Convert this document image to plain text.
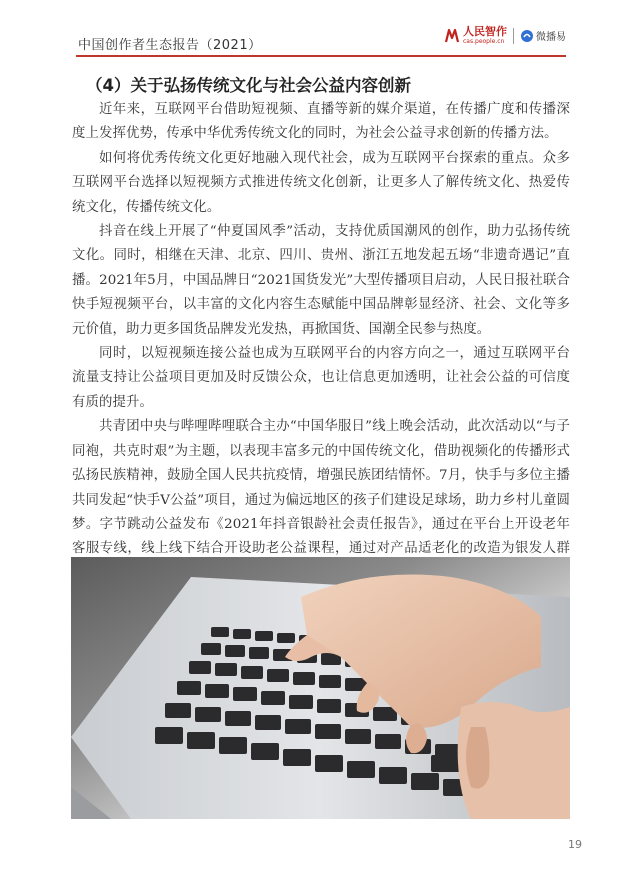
中国创作者生态报告（2021）
人民智作
cas.people.cn	微播易
（4）关于弘扬传统文化与社会公益内容创新

近年来，互联网平台借助短视频、直播等新的媒介渠道，在传播广度和传播深度上发挥优势，传承中华优秀传统文化的同时，为社会公益寻求创新的传播方法。

如何将优秀传统文化更好地融入现代社会，成为互联网平台探索的重点。众多互联网平台选择以短视频方式推进传统文化创新，让更多人了解传统文化、热爱传统文化，传播传统文化。

抖音在线上开展了“仲夏国风季”活动，支持优质国潮风的创作，助力弘扬传统文化。同时，相继在天津、北京、四川、贵州、浙江五地发起五场“非遗奇遇记”直播。2021年5月，中国品牌日“2021国货发光”大型传播项目启动，人民日报社联合快手短视频平台，以丰富的文化内容生态赋能中国品牌彰显经济、社会、文化等多元价值，助力更多国货品牌发光发热，再掀国货、国潮全民参与热度。

同时，以短视频连接公益也成为互联网平台的内容方向之一，通过互联网平台流量支持让公益项目更加及时反馈公众，也让信息更加透明，让社会公益的可信度有质的提升。

共青团中央与哔哩哔哩联合主办“中国华服日”线上晚会活动，此次活动以“与子同袍，共克时艰”为主题，以表现丰富多元的中国传统文化，借助视频化的传播形式弘扬民族精神，鼓励全国人民共抗疫情，增强民族团结情怀。7月，快手与多位主播共同发起“快手V公益”项目，通过为偏远地区的孩子们建设足球场，助力乡村儿童圆梦。字节跳动公益发布《2021年抖音银龄社会责任报告》，通过在平台上开设老年客服专线，线上线下结合开设助老公益课程，通过对产品适老化的改造为银发人群

19
